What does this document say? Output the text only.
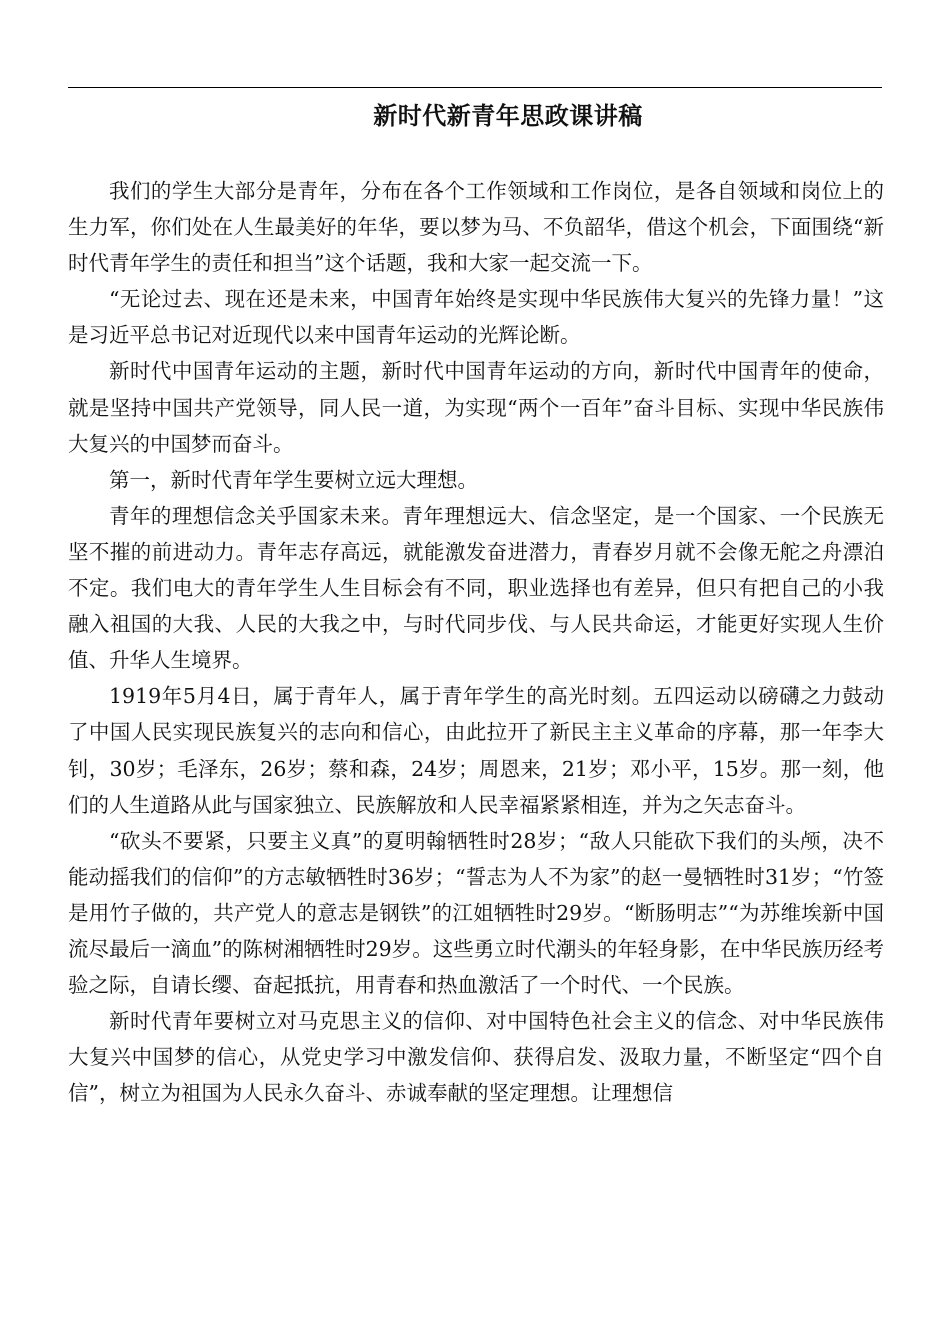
新时代新青年思政课讲稿

我们的学生大部分是青年，分布在各个工作领域和工作岗位，是各自领域和岗位上的生力军，你们处在人生最美好的年华，要以梦为马、不负韶华，借这个机会，下面围绕“新时代青年学生的责任和担当”这个话题，我和大家一起交流一下。

“无论过去、现在还是未来，中国青年始终是实现中华民族伟大复兴的先锋力量！”这是习近平总书记对近现代以来中国青年运动的光辉论断。

新时代中国青年运动的主题，新时代中国青年运动的方向，新时代中国青年的使命，就是坚持中国共产党领导，同人民一道，为实现“两个一百年”奋斗目标、实现中华民族伟大复兴的中国梦而奋斗。

第一，新时代青年学生要树立远大理想。

青年的理想信念关乎国家未来。青年理想远大、信念坚定，是一个国家、一个民族无坚不摧的前进动力。青年志存高远，就能激发奋进潜力，青春岁月就不会像无舵之舟漂泊不定。我们电大的青年学生人生目标会有不同，职业选择也有差异，但只有把自己的小我融入祖国的大我、人民的大我之中，与时代同步伐、与人民共命运，才能更好实现人生价值、升华人生境界。

1919年5月4日，属于青年人，属于青年学生的高光时刻。五四运动以磅礴之力鼓动了中国人民实现民族复兴的志向和信心，由此拉开了新民主主义革命的序幕，那一年李大钊，30岁；毛泽东，26岁；蔡和森，24岁；周恩来，21岁；邓小平，15岁。那一刻，他们的人生道路从此与国家独立、民族解放和人民幸福紧紧相连，并为之矢志奋斗。

“砍头不要紧，只要主义真”的夏明翰牺牲时28岁；“敌人只能砍下我们的头颅，决不能动摇我们的信仰”的方志敏牺牲时36岁；“誓志为人不为家”的赵一曼牺牲时31岁；“竹签是用竹子做的，共产党人的意志是钢铁”的江姐牺牲时29岁。“断肠明志”“为苏维埃新中国流尽最后一滴血”的陈树湘牺牲时29岁。这些勇立时代潮头的年轻身影，在中华民族历经考验之际，自请长缨、奋起抵抗，用青春和热血激活了一个时代、一个民族。

新时代青年要树立对马克思主义的信仰、对中国特色社会主义的信念、对中华民族伟大复兴中国梦的信心，从党史学习中激发信仰、获得启发、汲取力量，不断坚定“四个自信”，树立为祖国为人民永久奋斗、赤诚奉献的坚定理想。让理想信
